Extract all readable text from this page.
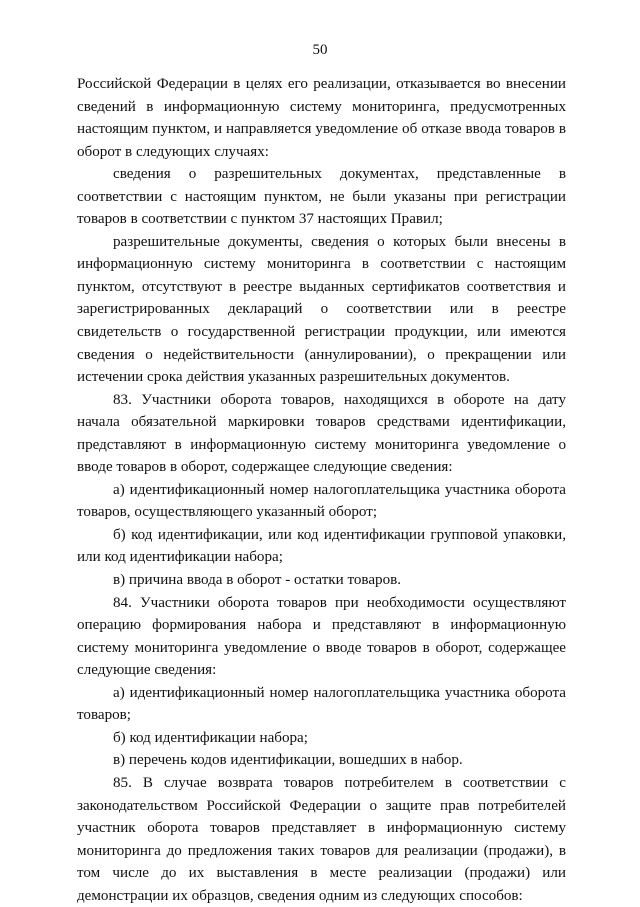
50

Российской Федерации в целях его реализации, отказывается во внесении сведений в информационную систему мониторинга, предусмотренных настоящим пунктом, и направляется уведомление об отказе ввода товаров в оборот в следующих случаях:

сведения о разрешительных документах, представленные в соответствии с настоящим пунктом, не были указаны при регистрации товаров в соответствии с пунктом 37 настоящих Правил;

разрешительные документы, сведения о которых были внесены в информационную систему мониторинга в соответствии с настоящим пунктом, отсутствуют в реестре выданных сертификатов соответствия и зарегистрированных деклараций о соответствии или в реестре свидетельств о государственной регистрации продукции, или имеются сведения о недействительности (аннулировании), о прекращении или истечении срока действия указанных разрешительных документов.

83. Участники оборота товаров, находящихся в обороте на дату начала обязательной маркировки товаров средствами идентификации, представляют в информационную систему мониторинга уведомление о вводе товаров в оборот, содержащее следующие сведения:

а) идентификационный номер налогоплательщика участника оборота товаров, осуществляющего указанный оборот;

б) код идентификации, или код идентификации групповой упаковки, или код идентификации набора;

в) причина ввода в оборот - остатки товаров.

84. Участники оборота товаров при необходимости осуществляют операцию формирования набора и представляют в информационную систему мониторинга уведомление о вводе товаров в оборот, содержащее следующие сведения:

а) идентификационный номер налогоплательщика участника оборота товаров;

б) код идентификации набора;

в) перечень кодов идентификации, вошедших в набор.

85. В случае возврата товаров потребителем в соответствии с законодательством Российской Федерации о защите прав потребителей участник оборота товаров представляет в информационную систему мониторинга до предложения таких товаров для реализации (продажи), в том числе до их выставления в месте реализации (продажи) или демонстрации их образцов, сведения одним из следующих способов:
